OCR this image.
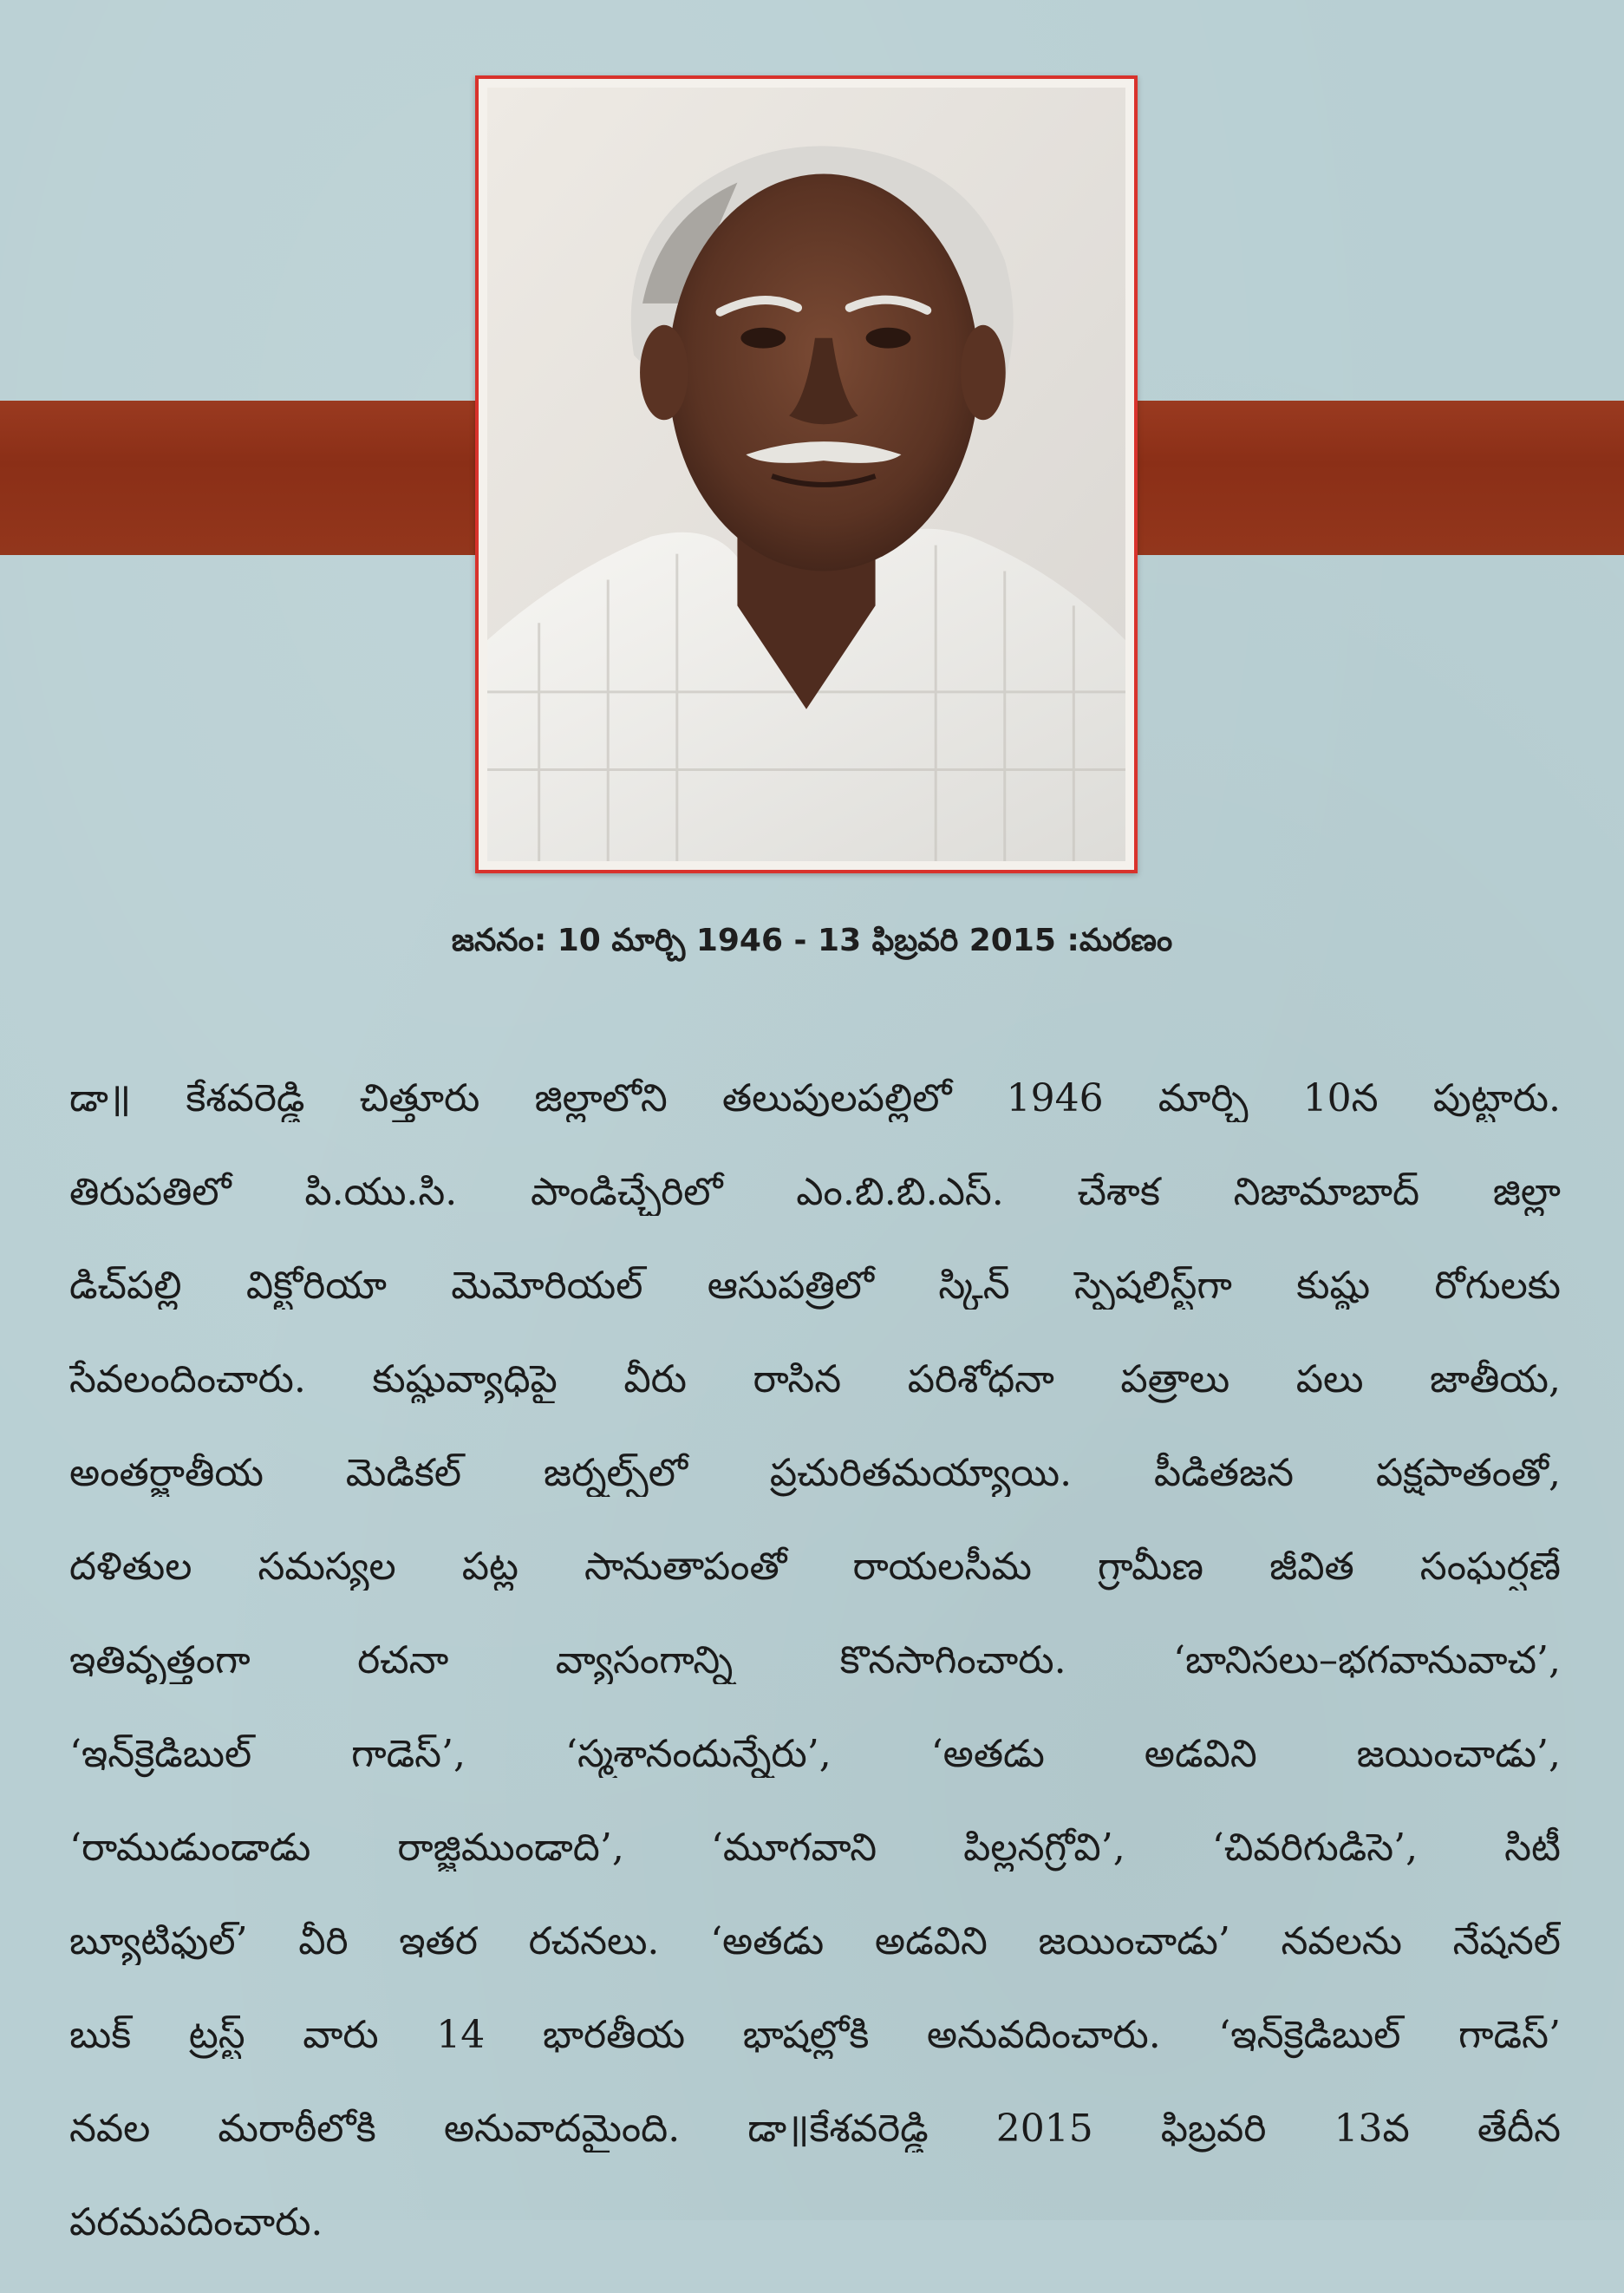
జననం: 10 మార్చి 1946 - 13 ఫిబ్రవరి 2015 :మరణం
డా॥ కేశవరెడ్డి చిత్తూరు జిల్లాలోని తలుపులపల్లిలో 1946 మార్చి 10న పుట్టారు.
తిరుపతిలో పి.యు.సి. పాండిచ్చేరిలో ఎం.బి.బి.ఎస్. చేశాక నిజామాబాద్ జిల్లా
డిచ్‌పల్లి విక్టోరియా మెమోరియల్ ఆసుపత్రిలో స్కిన్ స్పెషలిస్ట్‌గా కుష్ఠు రోగులకు
సేవలందించారు. కుష్ఠువ్యాధిపై వీరు రాసిన పరిశోధనా పత్రాలు పలు జాతీయ,
అంతర్జాతీయ మెడికల్ జర్నల్స్‌లో ప్రచురితమయ్యాయి. పీడితజన పక్షపాతంతో,
దళితుల సమస్యల పట్ల సానుతాపంతో రాయలసీమ గ్రామీణ జీవిత సంఘర్షణే
ఇతివృత్తంగా రచనా వ్యాసంగాన్ని కొనసాగించారు. ‘బానిసలు–భగవానువాచ’,
‘ఇన్‌క్రెడిబుల్ గాడెస్’, ‘స్మశానందున్నేరు’, ‘అతడు అడవిని జయించాడు’,
‘రాముడుండాడు రాజ్జిముండాది’, ‘మూగవాని పిల్లనగ్రోవి’, ‘చివరిగుడిసె’, సిటీ
బ్యూటిఫుల్’ వీరి ఇతర రచనలు. ‘అతడు అడవిని జయించాడు’ నవలను నేషనల్
బుక్ ట్రస్ట్ వారు 14 భారతీయ భాషల్లోకి అనువదించారు. ‘ఇన్‌క్రెడిబుల్ గాడెస్’
నవల మరాఠీలోకి అనువాదమైంది. డా॥కేశవరెడ్డి 2015 ఫిబ్రవరి 13వ తేదీన
పరమపదించారు.
